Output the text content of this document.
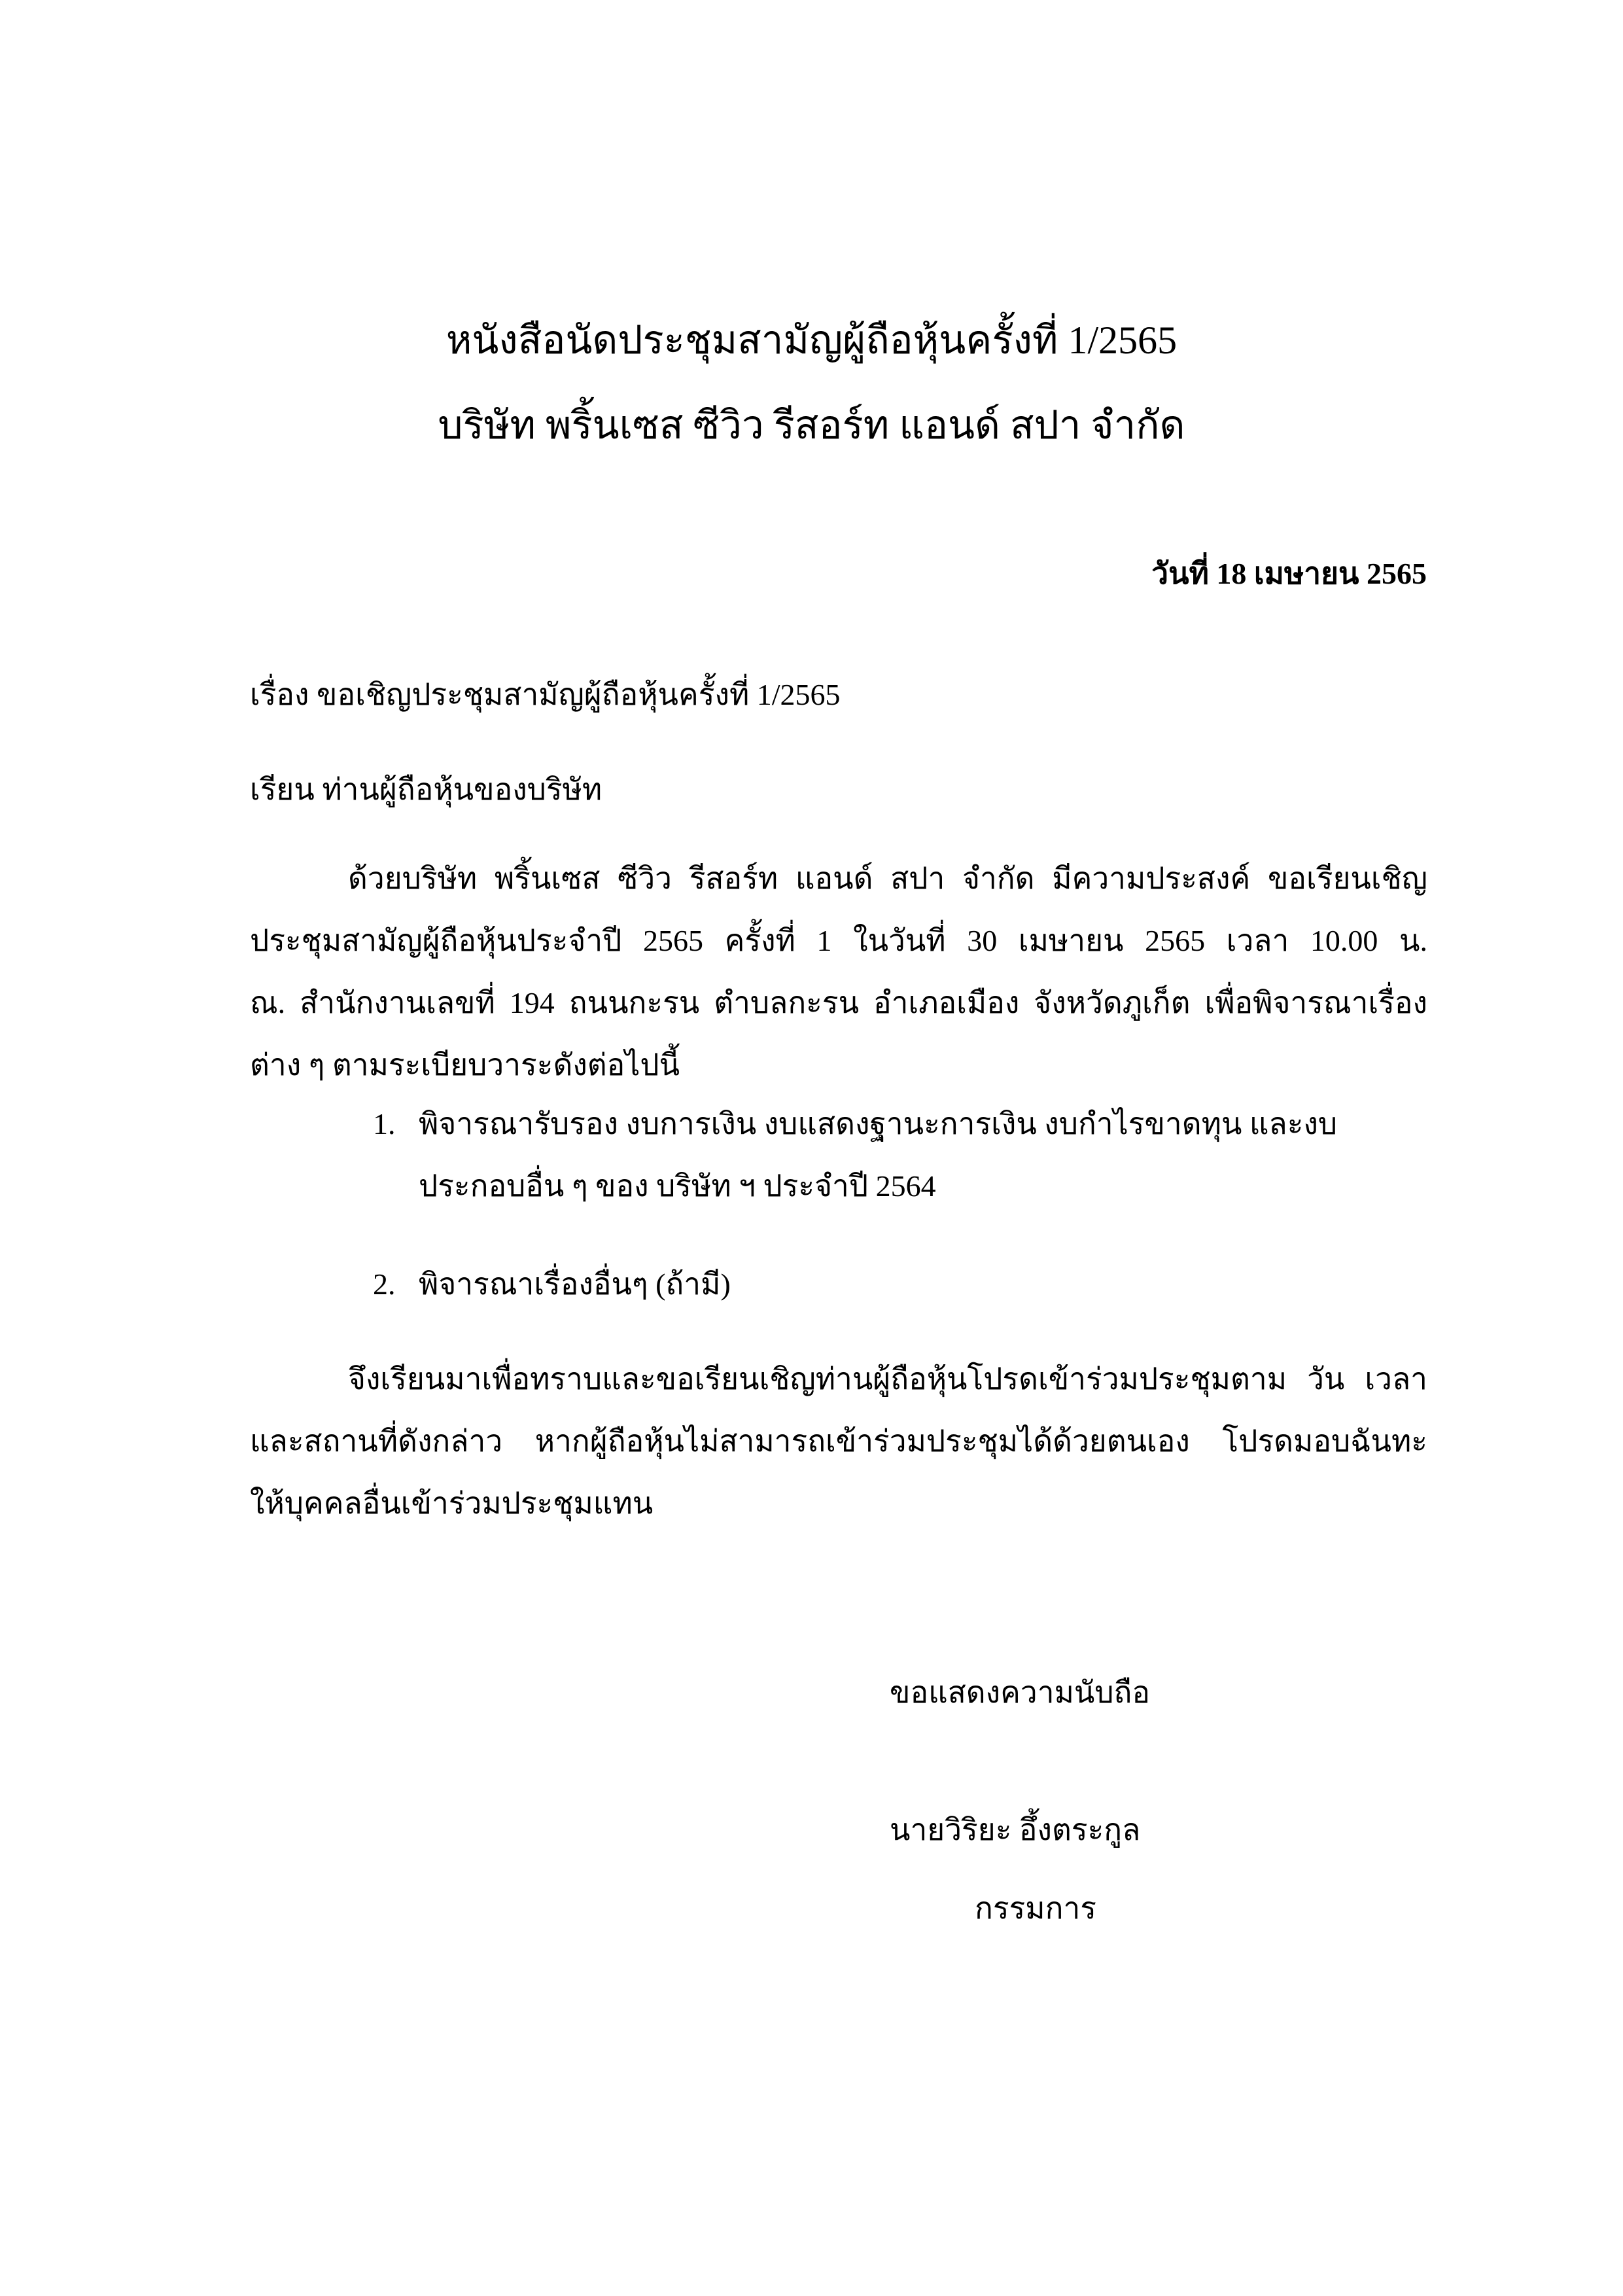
หนังสือนัดประชุมสามัญผู้ถือหุ้นครั้งที่ 1/2565
บริษัท พริ้นเซส ซีวิว รีสอร์ท แอนด์ สปา จำกัด
วันที่ 18 เมษายน 2565
เรื่อง ขอเชิญประชุมสามัญผู้ถือหุ้นครั้งที่ 1/2565
เรียน ท่านผู้ถือหุ้นของบริษัท
ด้วยบริษัท พริ้นเซส ซีวิว รีสอร์ท แอนด์ สปา จำกัด มีความประสงค์ ขอเรียนเชิญ
ประชุมสามัญผู้ถือหุ้นประจำปี 2565 ครั้งที่ 1 ในวันที่ 30 เมษายน 2565 เวลา 10.00 น.
ณ. สำนักงานเลขที่ 194 ถนนกะรน ตำบลกะรน อำเภอเมือง จังหวัดภูเก็ต เพื่อพิจารณาเรื่อง
ต่าง ๆ ตามระเบียบวาระดังต่อไปนี้
1. พิจารณารับรอง งบการเงิน งบแสดงฐานะการเงิน งบกำไรขาดทุน และงบ
ประกอบอื่น ๆ ของ บริษัท ฯ ประจำปี 2564
2. พิจารณาเรื่องอื่นๆ (ถ้ามี)
จึงเรียนมาเพื่อทราบและขอเรียนเชิญท่านผู้ถือหุ้นโปรดเข้าร่วมประชุมตาม วัน เวลา
และสถานที่ดังกล่าว หากผู้ถือหุ้นไม่สามารถเข้าร่วมประชุมได้ด้วยตนเอง โปรดมอบฉันทะ
ให้บุคคลอื่นเข้าร่วมประชุมแทน
ขอแสดงความนับถือ
นายวิริยะ อึ้งตระกูล
กรรมการ
